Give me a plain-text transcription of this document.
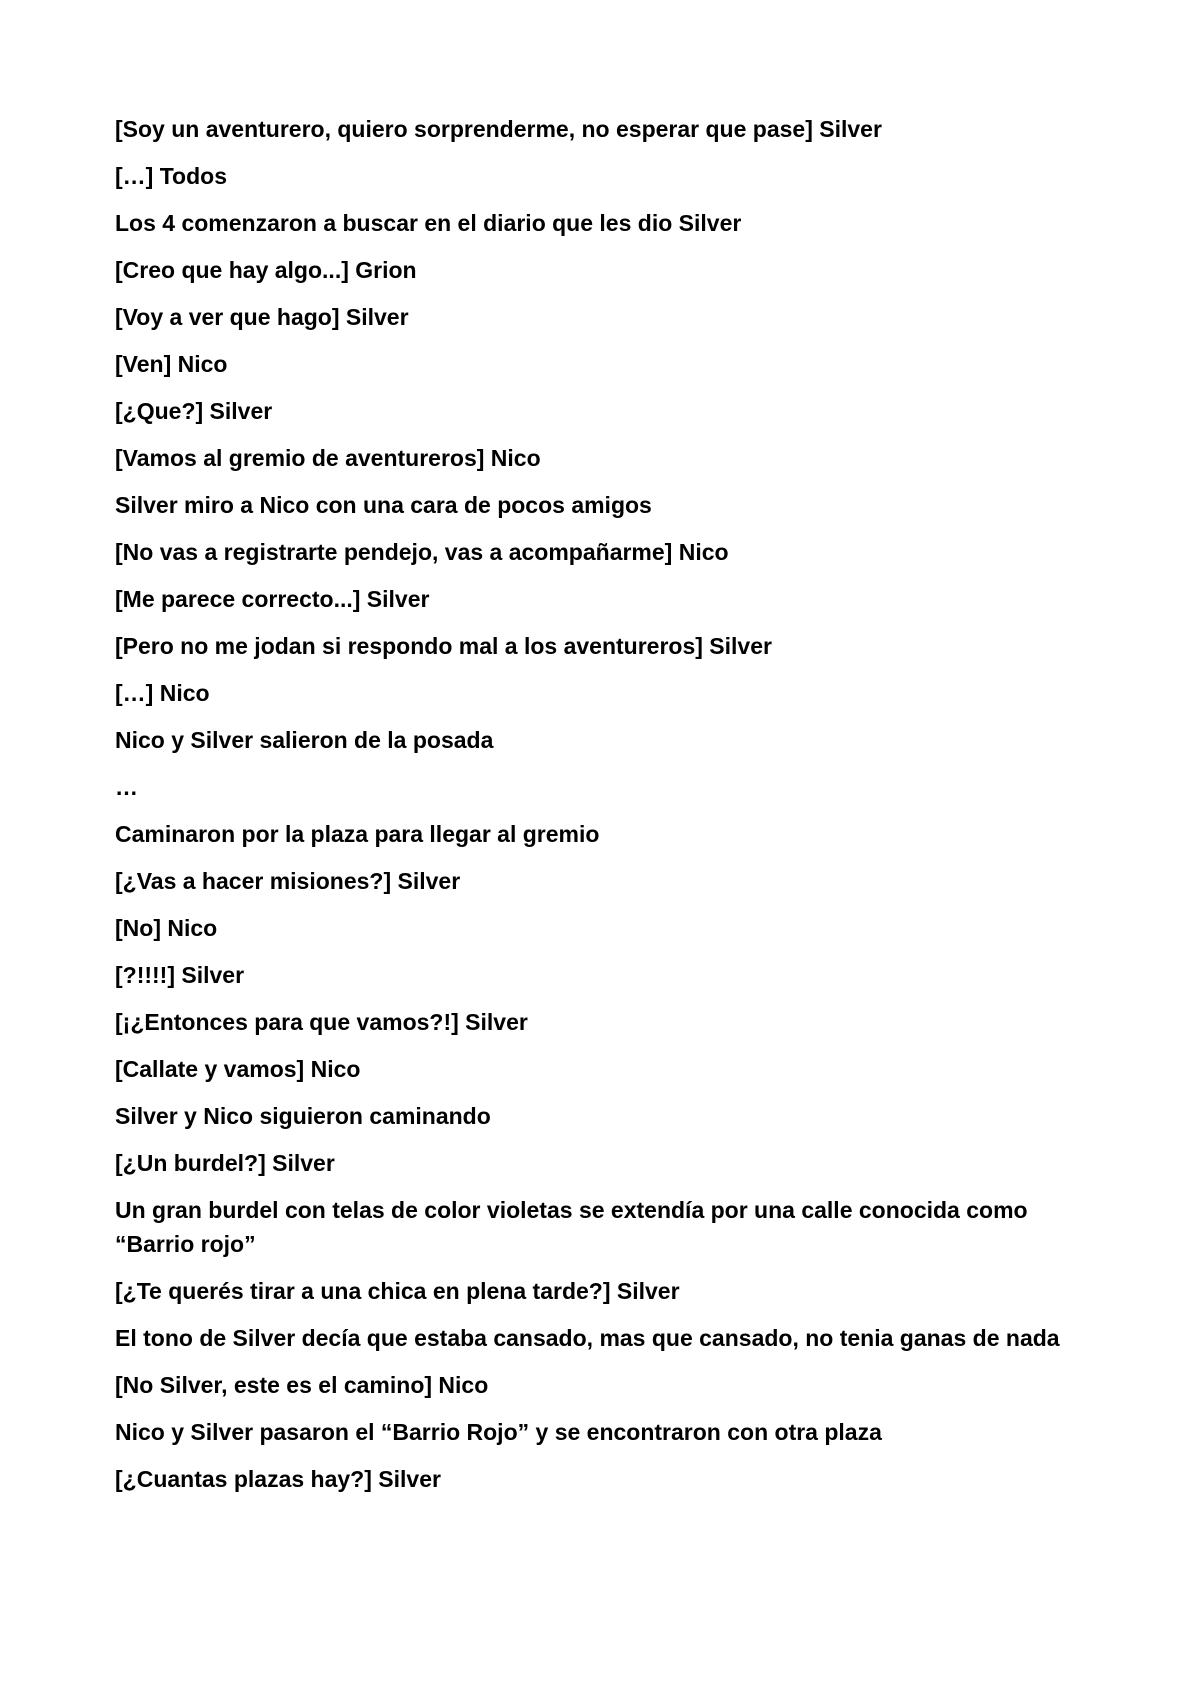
[Soy un aventurero, quiero sorprenderme, no esperar que pase] Silver

[…] Todos

Los 4 comenzaron a buscar en el diario que les dio Silver

[Creo que hay algo...] Grion

[Voy a ver que hago] Silver

[Ven] Nico

[¿Que?] Silver

[Vamos al gremio de aventureros] Nico

Silver miro a Nico con una cara de pocos amigos

[No vas a registrarte pendejo, vas a acompañarme] Nico

[Me parece correcto...] Silver

[Pero no me jodan si respondo mal a los aventureros] Silver

[…] Nico

Nico y Silver salieron de la posada

…

Caminaron por la plaza para llegar al gremio

[¿Vas a hacer misiones?] Silver

[No] Nico

[?!!!!] Silver

[¡¿Entonces para que vamos?!] Silver

[Callate y vamos] Nico

Silver y Nico siguieron caminando

[¿Un burdel?] Silver

Un gran burdel con telas de color violetas se extendía por una calle conocida como “Barrio rojo”

[¿Te querés tirar a una chica en plena tarde?] Silver

El tono de Silver decía que estaba cansado, mas que cansado, no tenia ganas de nada

[No Silver, este es el camino] Nico

Nico y Silver pasaron el “Barrio Rojo” y se encontraron con otra plaza

[¿Cuantas plazas hay?] Silver
